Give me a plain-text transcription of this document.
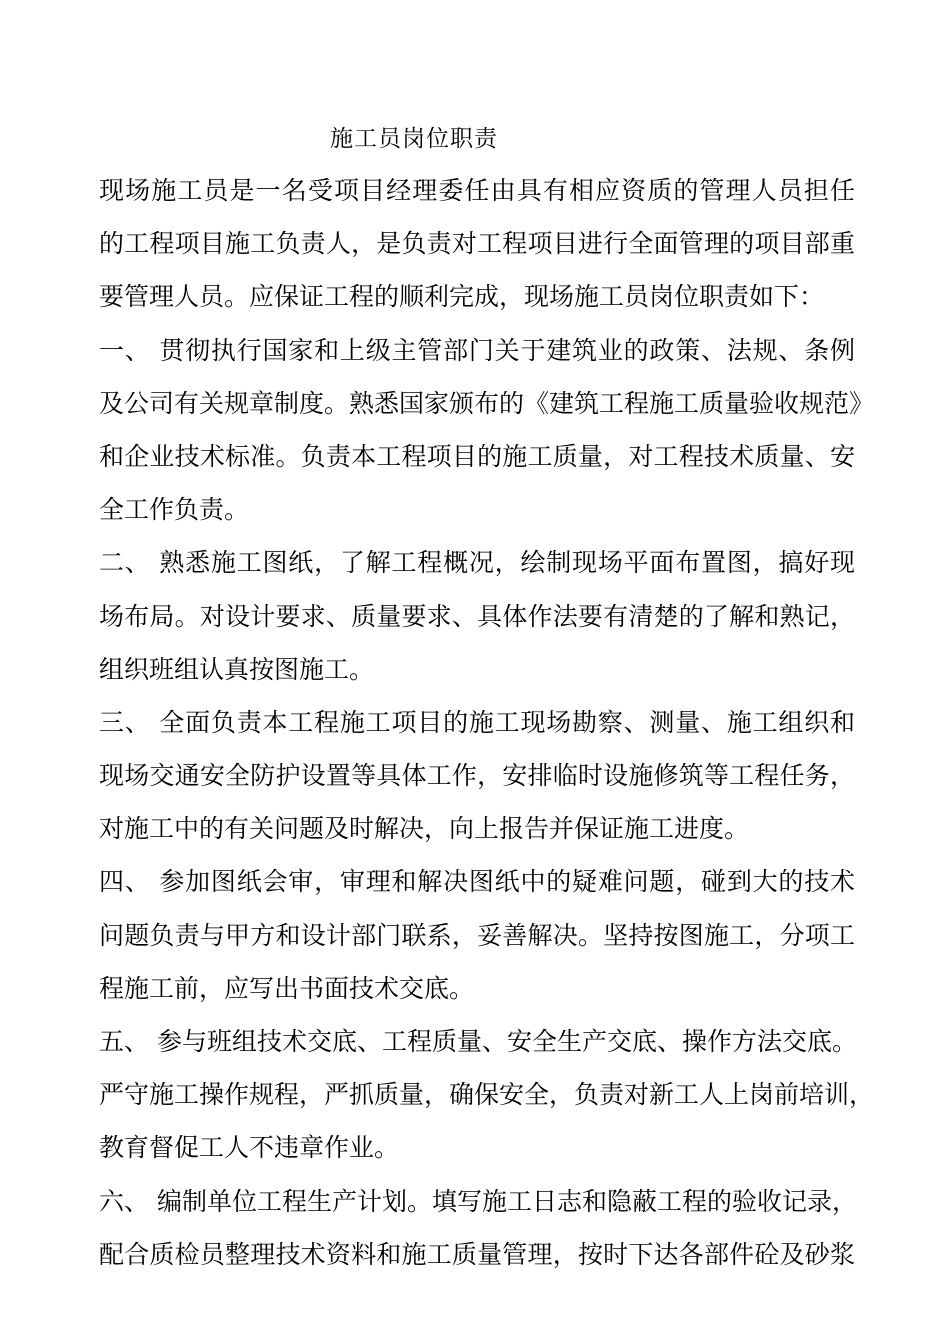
施工员岗位职责
现场施工员是一名受项目经理委任由具有相应资质的管理人员担任
的工程项目施工负责人，是负责对工程项目进行全面管理的项目部重
要管理人员。应保证工程的顺利完成，现场施工员岗位职责如下：
一、 贯彻执行国家和上级主管部门关于建筑业的政策、法规、条例
及公司有关规章制度。熟悉国家颁布的《建筑工程施工质量验收规范》
和企业技术标准。负责本工程项目的施工质量，对工程技术质量、安
全工作负责。
二、 熟悉施工图纸，了解工程概况，绘制现场平面布置图，搞好现
场布局。对设计要求、质量要求、具体作法要有清楚的了解和熟记，
组织班组认真按图施工。
三、 全面负责本工程施工项目的施工现场勘察、测量、施工组织和
现场交通安全防护设置等具体工作，安排临时设施修筑等工程任务，
对施工中的有关问题及时解决，向上报告并保证施工进度。
四、 参加图纸会审，审理和解决图纸中的疑难问题，碰到大的技术
问题负责与甲方和设计部门联系，妥善解决。坚持按图施工，分项工
程施工前，应写出书面技术交底。
五、 参与班组技术交底、工程质量、安全生产交底、操作方法交底。
严守施工操作规程，严抓质量，确保安全，负责对新工人上岗前培训，
教育督促工人不违章作业。
六、 编制单位工程生产计划。填写施工日志和隐蔽工程的验收记录，
配合质检员整理技术资料和施工质量管理，按时下达各部件砼及砂浆
